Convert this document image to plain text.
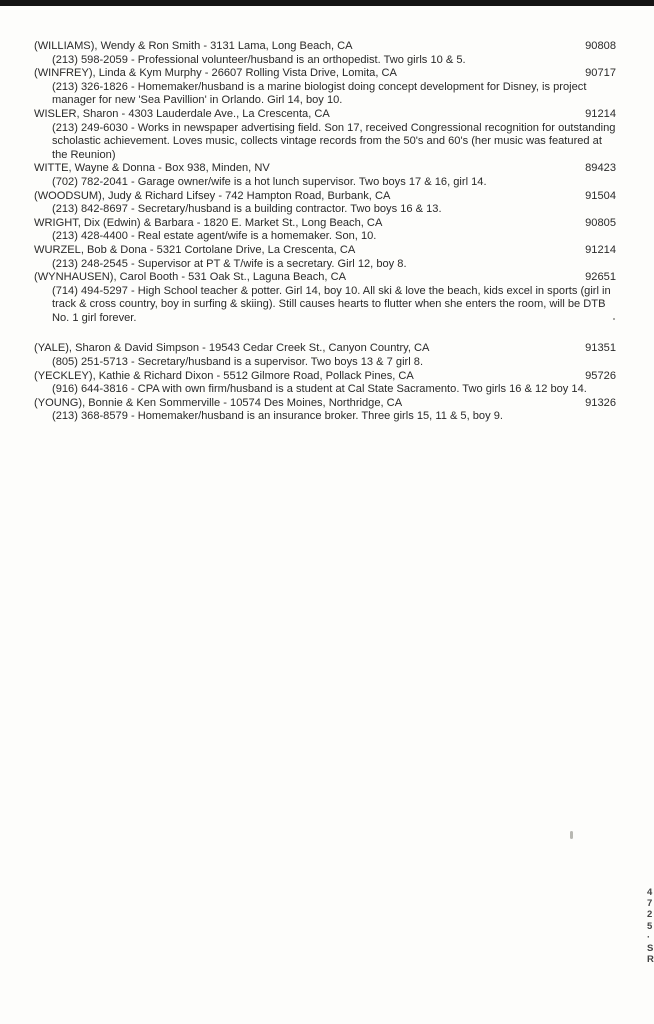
(WILLIAMS), Wendy & Ron Smith - 3131 Lama, Long Beach, CA	90808
(213) 598-2059 - Professional volunteer/husband is an orthopedist. Two girls 10 & 5.
(WINFREY), Linda & Kym Murphy - 26607 Rolling Vista Drive, Lomita, CA	90717
(213) 326-1826 - Homemaker/husband is a marine biologist doing concept development for Disney, is project manager for new 'Sea Pavillion' in Orlando. Girl 14, boy 10.
WISLER, Sharon - 4303 Lauderdale Ave., La Crescenta, CA	91214
(213) 249-6030 - Works in newspaper advertising field. Son 17, received Congressional recognition for outstanding scholastic achievement. Loves music, collects vintage records from the 50's and 60's (her music was featured at the Reunion)
WITTE, Wayne & Donna - Box 938, Minden, NV	89423
(702) 782-2041 - Garage owner/wife is a hot lunch supervisor. Two boys 17 & 16, girl 14.
(WOODSUM), Judy & Richard Lifsey - 742 Hampton Road, Burbank, CA	91504
(213) 842-8697 - Secretary/husband is a building contractor. Two boys 16 & 13.
WRIGHT, Dix (Edwin) & Barbara - 1820 E. Market St., Long Beach, CA	90805
(213) 428-4400 - Real estate agent/wife is a homemaker. Son, 10.
WURZEL, Bob & Dona - 5321 Cortolane Drive, La Crescenta, CA	91214
(213) 248-2545 - Supervisor at PT & T/wife is a secretary. Girl 12, boy 8.
(WYNHAUSEN), Carol Booth - 531 Oak St., Laguna Beach, CA	92651
(714) 494-5297 - High School teacher & potter. Girl 14, boy 10. All ski & love the beach, kids excel in sports (girl in track & cross country, boy in surfing & skiing). Still causes hearts to flutter when she enters the room, will be DTB No. 1 girl forever.
(YALE), Sharon & David Simpson - 19543 Cedar Creek St., Canyon Country, CA	91351
(805) 251-5713 - Secretary/husband is a supervisor. Two boys 13 & 7 girl 8.
(YECKLEY), Kathie & Richard Dixon - 5512 Gilmore Road, Pollack Pines, CA	95726
(916) 644-3816 - CPA with own firm/husband is a student at Cal State Sacramento. Two girls 16 & 12 boy 14.
(YOUNG), Bonnie & Ken Sommerville - 10574 Des Moines, Northridge, CA	91326
(213) 368-8579 - Homemaker/husband is an insurance broker. Three girls 15, 11 & 5, boy 9.
4
7
2
5
·
S
R
